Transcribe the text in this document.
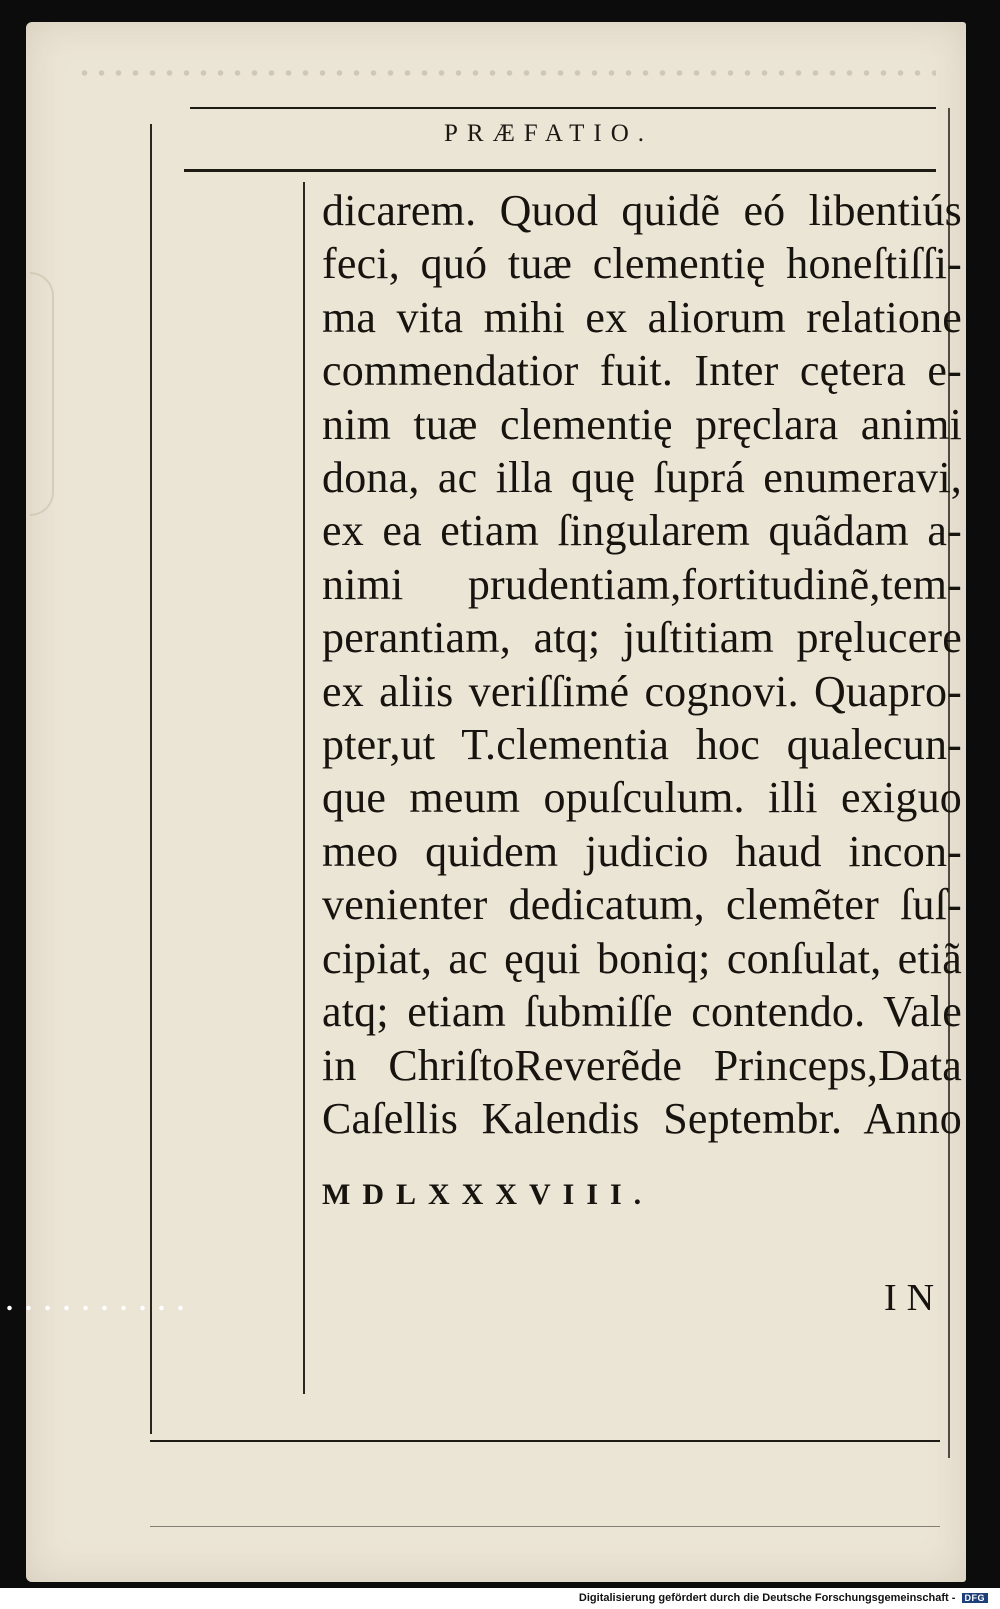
PRÆFATIO.
dicarem. Quod quidẽ eó libentiús
feci, quó tuæ clementię honeſtiſſi-
ma vita mihi ex aliorum relatione
commendatior fuit. Inter cętera e-
nim tuæ clementię pręclara animi
dona, ac illa quę ſuprá enumeravi,
ex ea etiam ſingularem quãdam a-
nimi prudentiam,fortitudinẽ,tem-
perantiam, atq; juſtitiam pręlucere
ex aliis veriſſimé cognovi. Quapro-
pter,ut T.clementia hoc qualecun-
que meum opuſculum. illi exiguo
meo quidem judicio haud incon-
venienter dedicatum, clemẽter ſuſ-
cipiat, ac ęqui boniq; conſulat, etiã
atq; etiam ſubmiſſe contendo. Vale
in ChriſtoReverẽde Princeps,Data
Caſellis Kalendis Septembr. Anno
MDLXXXVIII.
IN
Digitalisierung gefördert durch die Deutsche Forschungsgemeinschaft - DFG
